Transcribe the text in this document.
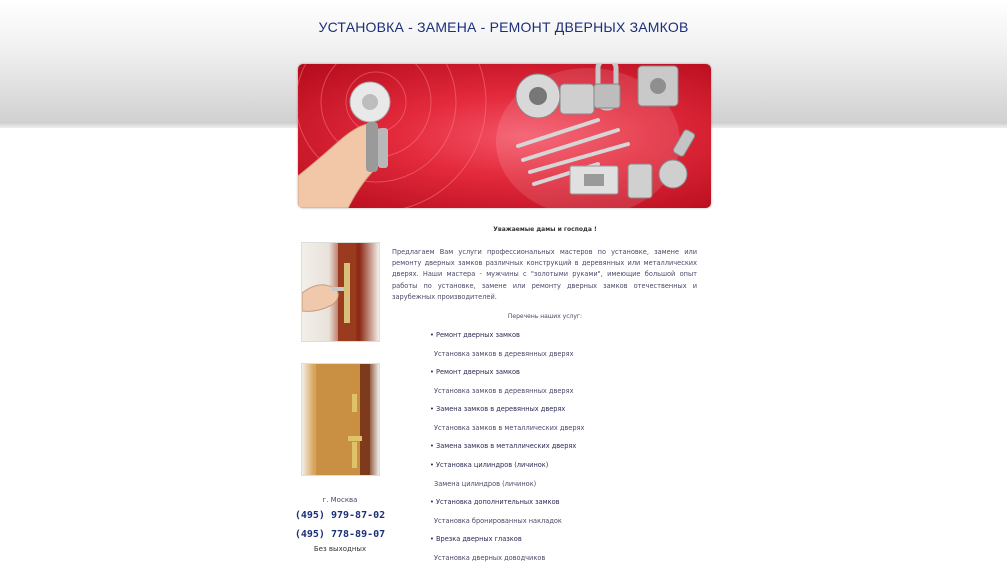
УСТАНОВКА - ЗАМЕНА - РЕМОНТ ДВЕРНЫХ ЗАМКОВ
Уважаемые дамы и господа !
Предлагаем Вам услуги профессиональных мастеров по установке, замене или ремонту дверных замков различных конструкций в деревянных или металлических дверях. Наши мастера - мужчины с "золотыми руками", имеющие большой опыт работы по установке, замене или ремонту дверных замков отечественных и зарубежных производителей.
Перечень наших услуг:
• Ремонт дверных замков
Установка замков в деревянных дверях
• Ремонт дверных замков
Установка замков в деревянных дверях
• Замена замков в деревянных дверях
Установка замков в металлических дверях
• Замена замков в металлических дверях
• Установка цилиндров (личинок)
Замена цилиндров (личинок)
• Установка дополнительных замков
Установка бронированных накладок
• Врезка дверных глазков
Установка дверных доводчиков
г. Москва
(495) 979-87-02
(495) 778-89-07
Без выходных
